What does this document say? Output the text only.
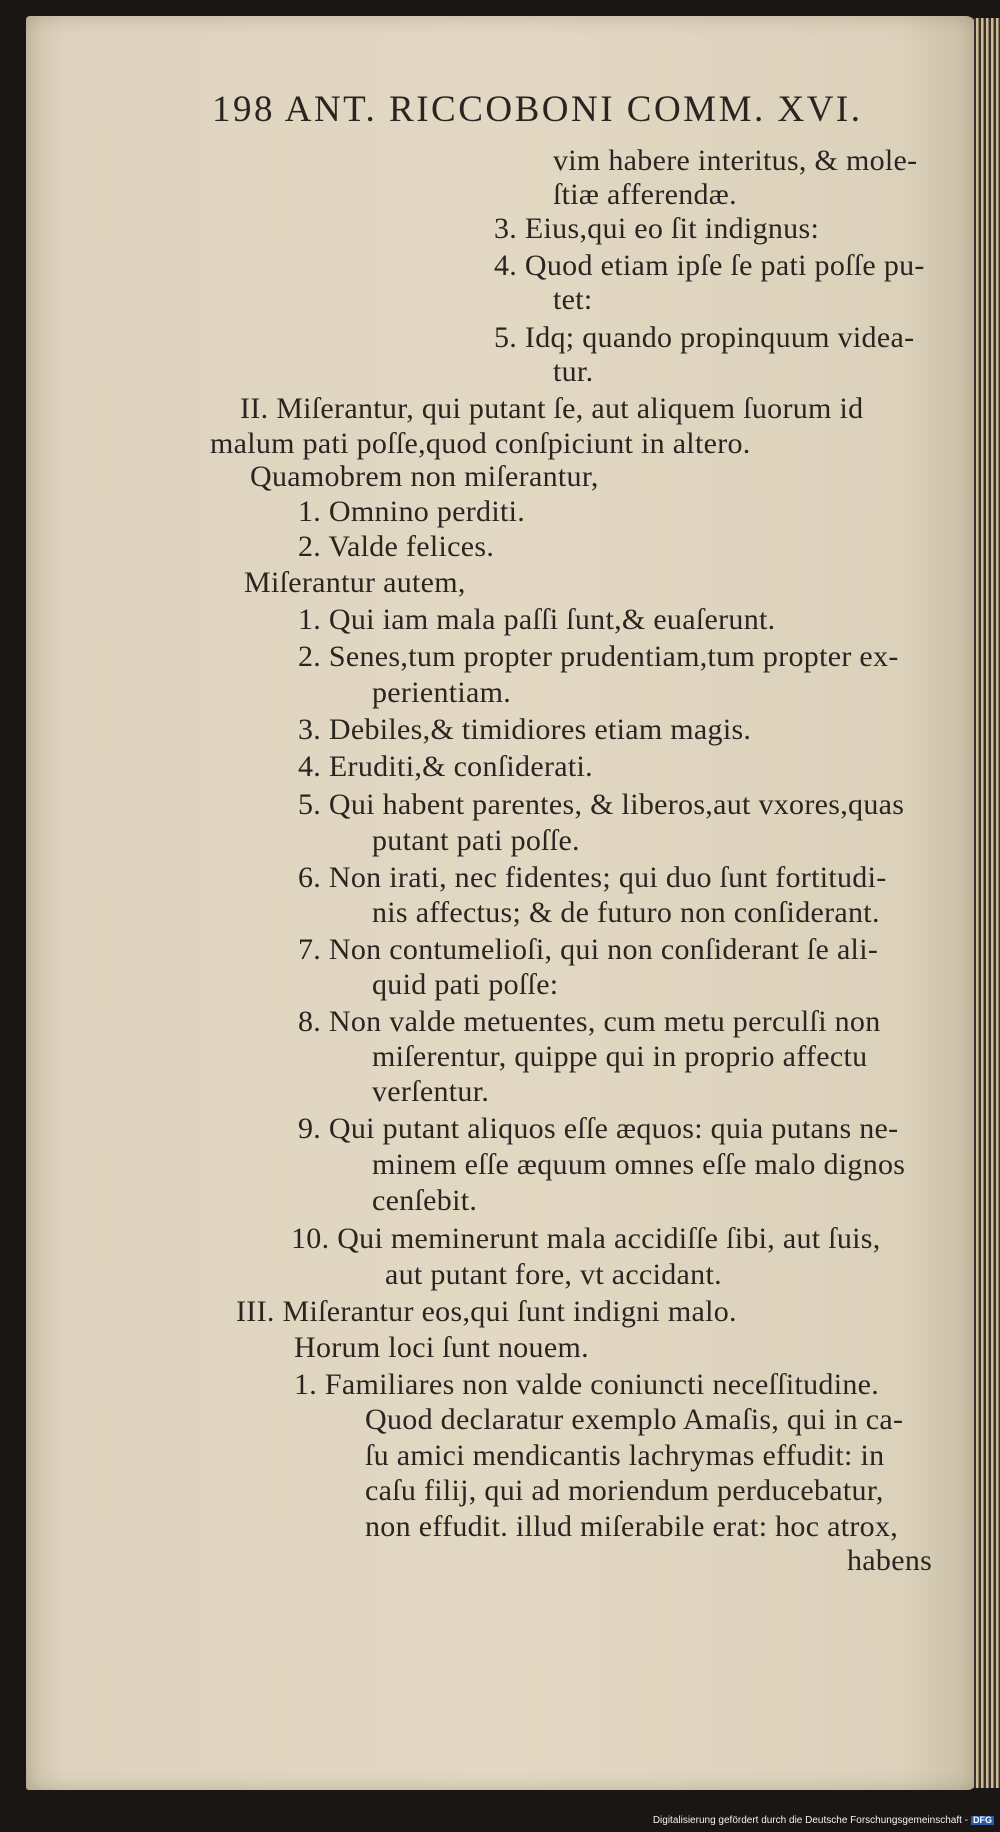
198 ANT. RICCOBONI COMM. XVI.
vim habere interitus, & mole-
ſtiæ afferendæ.
3. Eius,qui eo ſit indignus:
4. Quod etiam ipſe ſe pati poſſe pu-
tet:
5. Idq; quando propinquum videa-
tur.
II. Miſerantur, qui putant ſe, aut aliquem ſuorum id
malum pati poſſe,quod conſpiciunt in altero.
Quamobrem non miſerantur,
1. Omnino perditi.
2. Valde felices.
Miſerantur autem,
1. Qui iam mala paſſi ſunt,& euaſerunt.
2. Senes,tum propter prudentiam,tum propter ex-
perientiam.
3. Debiles,& timidiores etiam magis.
4. Eruditi,& conſiderati.
5. Qui habent parentes, & liberos,aut vxores,quas
putant pati poſſe.
6. Non irati, nec fidentes; qui duo ſunt fortitudi-
nis affectus; & de futuro non conſiderant.
7. Non contumelioſi, qui non conſiderant ſe ali-
quid pati poſſe:
8. Non valde metuentes, cum metu perculſi non
miſerentur, quippe qui in proprio affectu
verſentur.
9. Qui putant aliquos eſſe æquos: quia putans ne-
minem eſſe æquum omnes eſſe malo dignos
cenſebit.
10. Qui meminerunt mala accidiſſe ſibi, aut ſuis,
aut putant fore, vt accidant.
III. Miſerantur eos,qui ſunt indigni malo.
Horum loci ſunt nouem.
1. Familiares non valde coniuncti neceſſitudine.
Quod declaratur exemplo Amaſis, qui in ca-
ſu amici mendicantis lachrymas effudit: in
caſu filij, qui ad moriendum perducebatur,
non effudit. illud miſerabile erat: hoc atrox,
habens
Digitalisierung gefördert durch die Deutsche Forschungsgemeinschaft - DFG
